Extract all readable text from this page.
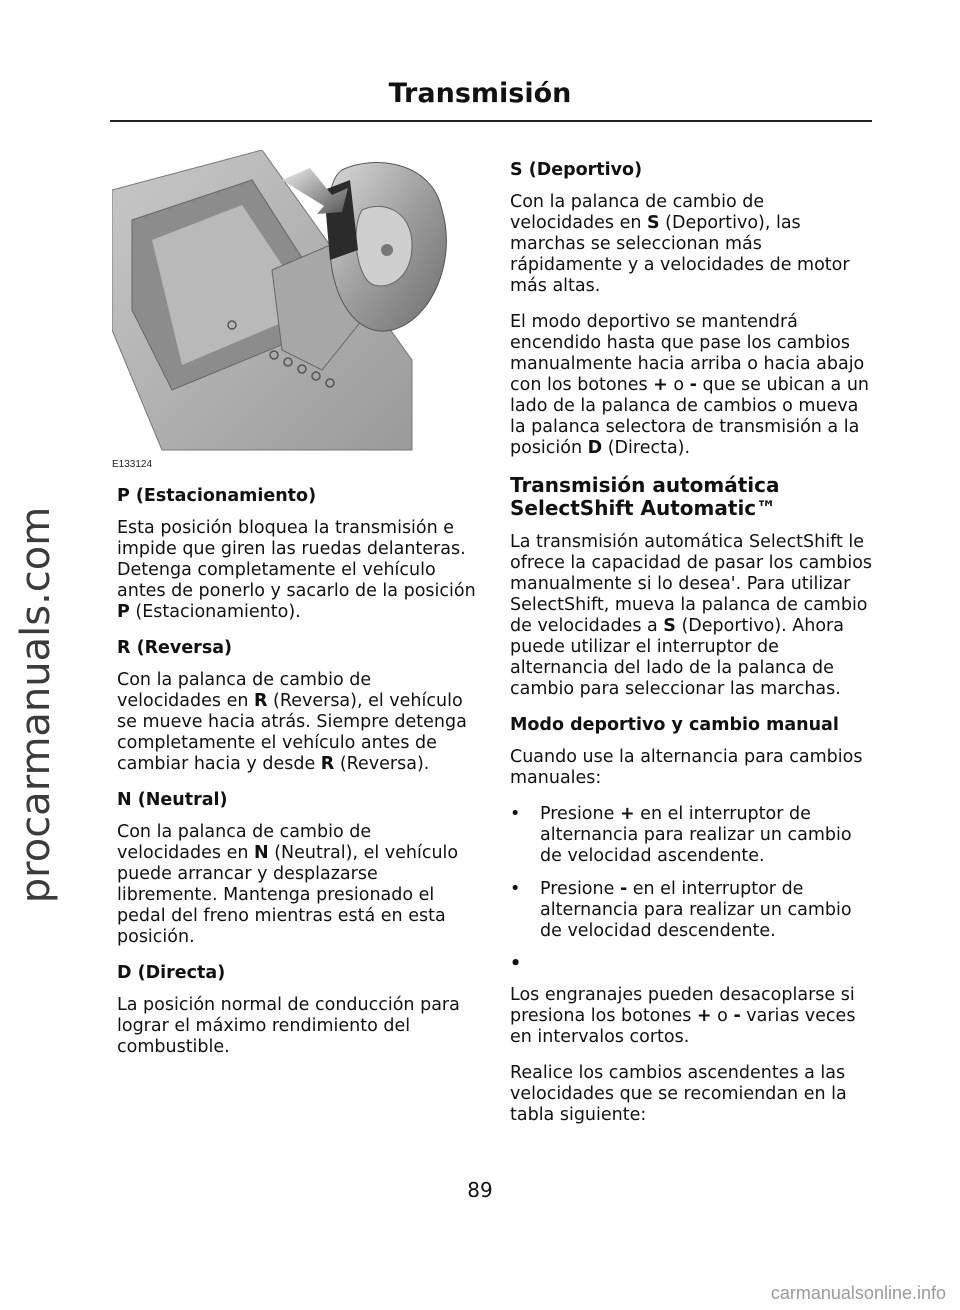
procarmanuals.com
Transmisión
E133124
P (Estacionamiento)

Esta posición bloquea la transmisión e impide que giren las ruedas delanteras. Detenga completamente el vehículo antes de ponerlo y sacarlo de la posición P (Estacionamiento).

R (Reversa)

Con la palanca de cambio de velocidades en R (Reversa), el vehículo se mueve hacia atrás. Siempre detenga completamente el vehículo antes de cambiar hacia y desde R (Reversa).

N (Neutral)

Con la palanca de cambio de velocidades en N (Neutral), el vehículo puede arrancar y desplazarse libremente. Mantenga presionado el pedal del freno mientras está en esta posición.

D (Directa)

La posición normal de conducción para lograr el máximo rendimiento del combustible.

S (Deportivo)

Con la palanca de cambio de velocidades en S (Deportivo), las marchas se seleccionan más rápidamente y a velocidades de motor más altas.

El modo deportivo se mantendrá encendido hasta que pase los cambios manualmente hacia arriba o hacia abajo con los botones + o - que se ubican a un lado de la palanca de cambios o mueva la palanca selectora de transmisión a la posición D (Directa).

Transmisión automática
SelectShift Automatic™

La transmisión automática SelectShift le ofrece la capacidad de pasar los cambios manualmente si lo desea'. Para utilizar SelectShift, mueva la palanca de cambio de velocidades a S (Deportivo). Ahora puede utilizar el interruptor de alternancia del lado de la palanca de cambio para seleccionar las marchas.

Modo deportivo y cambio manual

Cuando use la alternancia para cambios manuales:

• Presione + en el interruptor de alternancia para realizar un cambio de velocidad ascendente.
• Presione - en el interruptor de alternancia para realizar un cambio de velocidad descendente.
•

Los engranajes pueden desacoplarse si presiona los botones + o - varias veces en intervalos cortos.

Realice los cambios ascendentes a las velocidades que se recomiendan en la tabla siguiente:

89
carmanualsonline.info
